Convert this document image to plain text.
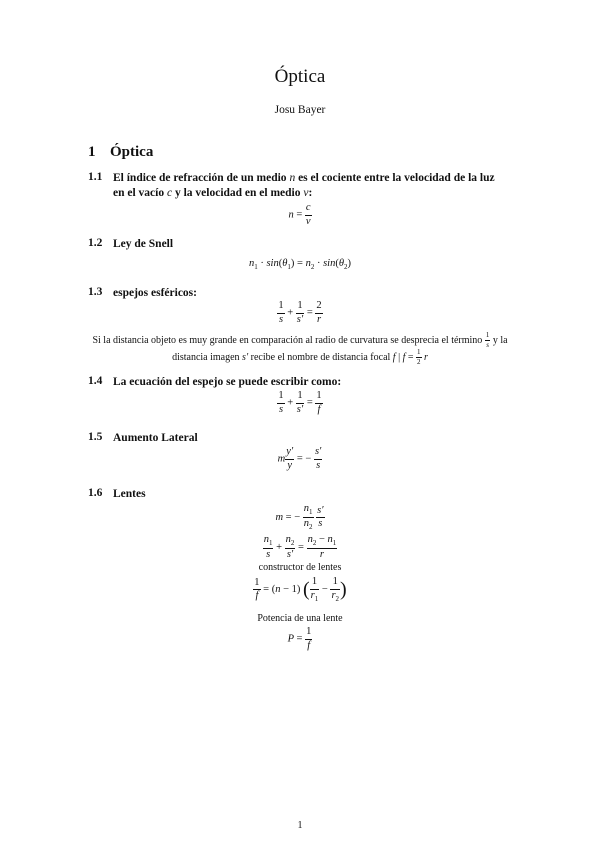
Óptica
Josu Bayer
1 Óptica
1.1 El índice de refracción de un medio n es el cociente entre la velocidad de la luz
en el vacío c y la velocidad en el medio v:
$n = \frac{c}{v}$
1.2 Ley de Snell
$n_1 \cdot \sin(\theta_1) = n_2 \cdot \sin(\theta_2)$
1.3 espejos esféricos:
$\frac{1}{s} + \frac{1}{s'} = \frac{2}{r}$
Si la distancia objeto es muy grande en comparación al radio de curvatura se desprecia el término $\frac{1}{s}$ y la
distancia imagen s′ recibe el nombre de distancia focal f | $f = \frac{1}{2}$ r
1.4 La ecuación del espejo se puede escribir como:
$\frac{1}{s} + \frac{1}{s'} = \frac{1}{f}$
1.5 Aumento Lateral
m $\frac{y'}{y}$ = − $\frac{s'}{s}$
1.6 Lentes
m = − $\frac{n_1}{n_2}$
$\frac{s'}{s}$
$\frac{n_1}{s} + \frac{n_2}{s'} = \frac{n_2 - n_1}{r}$
constructor de lentes
$\frac{1}{f} = (n - 1)$ ( $\frac{1}{r_1} - \frac{1}{r_2}$ )
Potencia de una lente
$P = \frac{1}{f}$
1
